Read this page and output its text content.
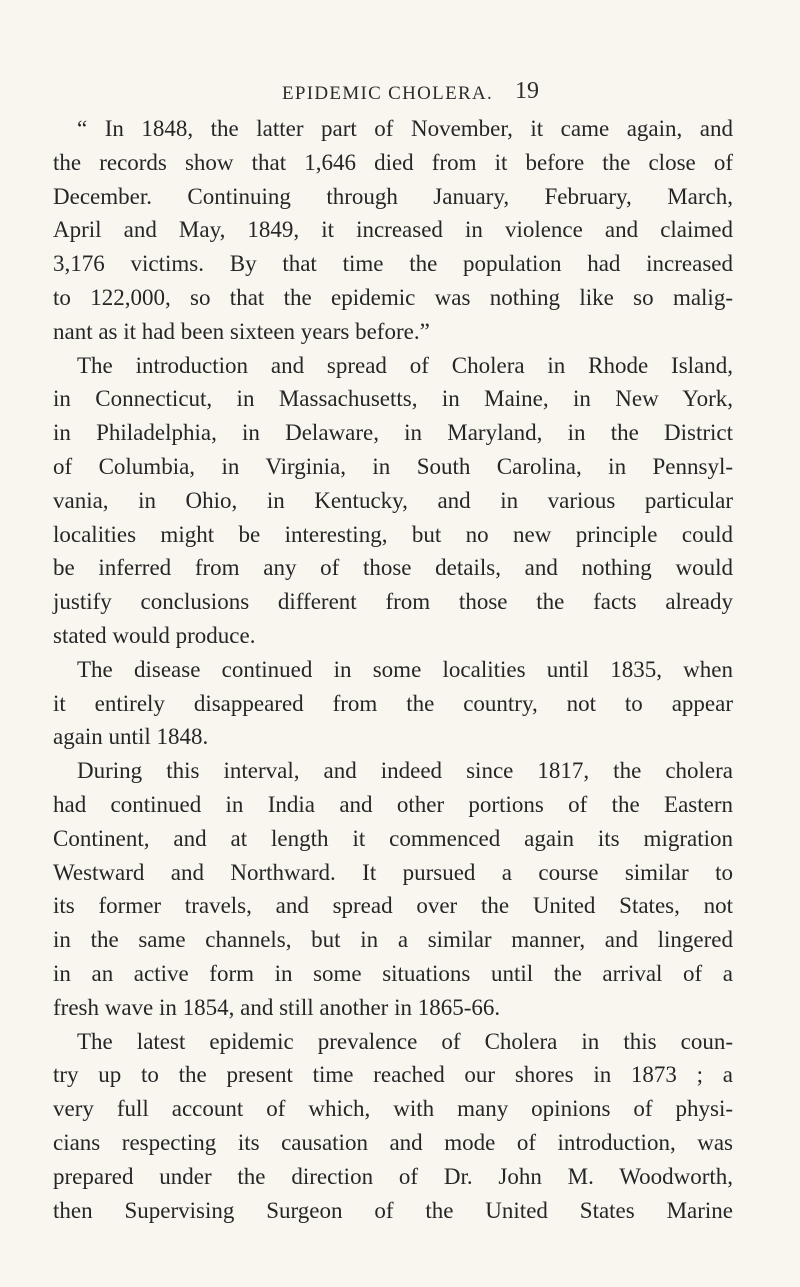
EPIDEMIC CHOLERA. 19
“ In 1848, the latter part of November, it came again, and
the records show that 1,646 died from it before the close of
December. Continuing through January, February, March,
April and May, 1849, it increased in violence and claimed
3,176 victims. By that time the population had increased
to 122,000, so that the epidemic was nothing like so malig-
nant as it had been sixteen years before.”
The introduction and spread of Cholera in Rhode Island,
in Connecticut, in Massachusetts, in Maine, in New York,
in Philadelphia, in Delaware, in Maryland, in the District
of Columbia, in Virginia, in South Carolina, in Pennsyl-
vania, in Ohio, in Kentucky, and in various particular
localities might be interesting, but no new principle could
be inferred from any of those details, and nothing would
justify conclusions different from those the facts already
stated would produce.
The disease continued in some localities until 1835, when
it entirely disappeared from the country, not to appear
again until 1848.
During this interval, and indeed since 1817, the cholera
had continued in India and other portions of the Eastern
Continent, and at length it commenced again its migration
Westward and Northward. It pursued a course similar to
its former travels, and spread over the United States, not
in the same channels, but in a similar manner, and lingered
in an active form in some situations until the arrival of a
fresh wave in 1854, and still another in 1865-66.
The latest epidemic prevalence of Cholera in this coun-
try up to the present time reached our shores in 1873 ; a
very full account of which, with many opinions of physi-
cians respecting its causation and mode of introduction, was
prepared under the direction of Dr. John M. Woodworth,
then Supervising Surgeon of the United States Marine
